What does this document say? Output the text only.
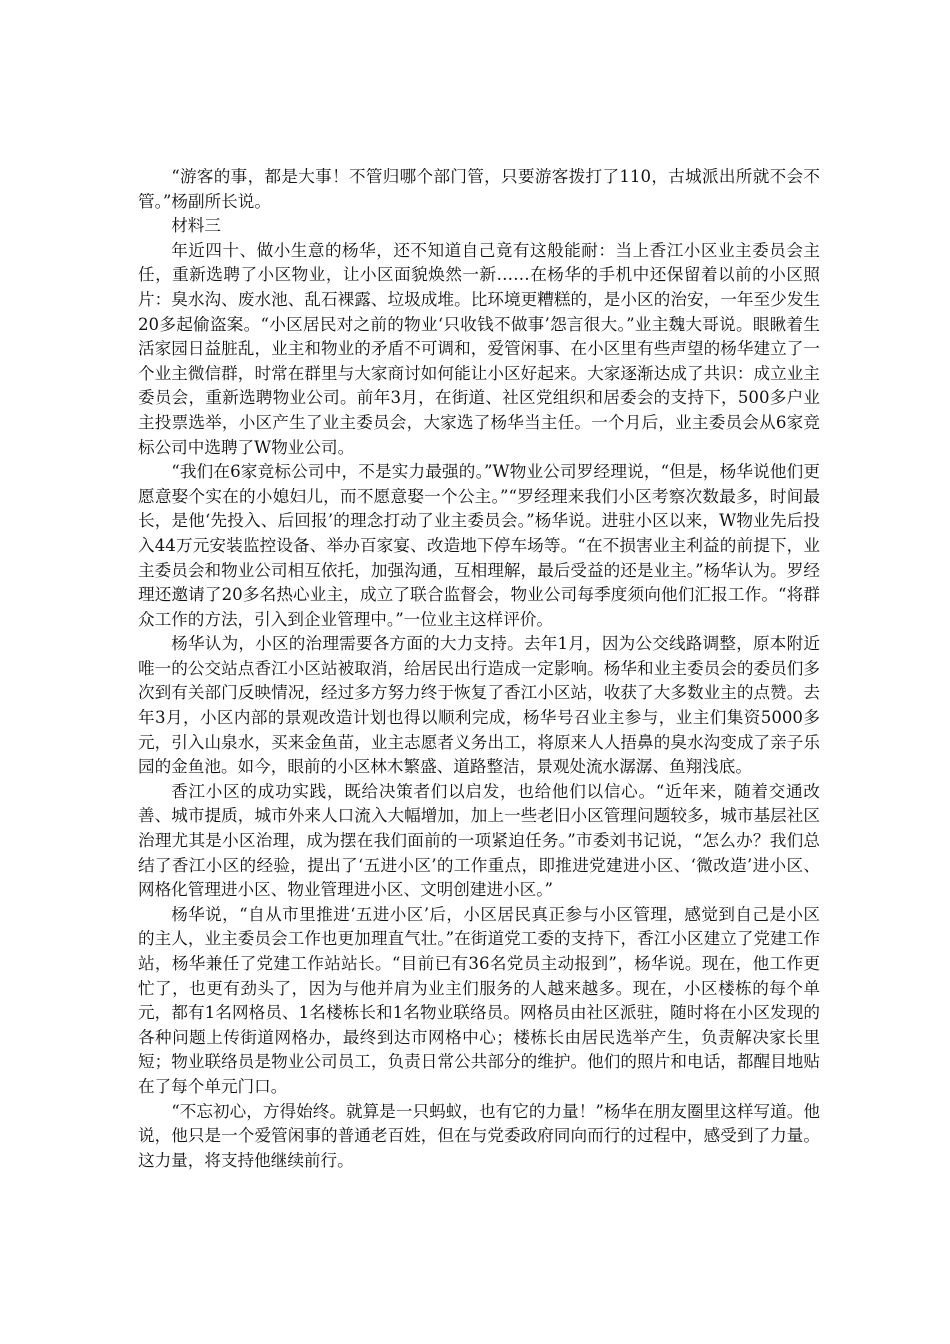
“游客的事，都是大事！不管归哪个部门管，只要游客拨打了110，古城派出所就不会不管。”杨副所长说。

材料三

年近四十、做小生意的杨华，还不知道自己竟有这般能耐：当上香江小区业主委员会主任，重新选聘了小区物业，让小区面貌焕然一新……在杨华的手机中还保留着以前的小区照片：臭水沟、废水池、乱石裸露、垃圾成堆。比环境更糟糕的，是小区的治安，一年至少发生20多起偷盗案。“小区居民对之前的物业‘只收钱不做事’怨言很大。”业主魏大哥说。眼瞅着生活家园日益脏乱，业主和物业的矛盾不可调和，爱管闲事、在小区里有些声望的杨华建立了一个业主微信群，时常在群里与大家商讨如何能让小区好起来。大家逐渐达成了共识：成立业主委员会，重新选聘物业公司。前年3月，在街道、社区党组织和居委会的支持下，500多户业主投票选举，小区产生了业主委员会，大家选了杨华当主任。一个月后，业主委员会从6家竞标公司中选聘了W物业公司。

“我们在6家竞标公司中，不是实力最强的。”W物业公司罗经理说，“但是，杨华说他们更愿意娶个实在的小媳妇儿，而不愿意娶一个公主。”“罗经理来我们小区考察次数最多，时间最长，是他‘先投入、后回报’的理念打动了业主委员会。”杨华说。进驻小区以来，W物业先后投入44万元安装监控设备、举办百家宴、改造地下停车场等。“在不损害业主利益的前提下，业主委员会和物业公司相互依托，加强沟通，互相理解，最后受益的还是业主。”杨华认为。罗经理还邀请了20多名热心业主，成立了联合监督会，物业公司每季度须向他们汇报工作。“将群众工作的方法，引入到企业管理中。”一位业主这样评价。

杨华认为，小区的治理需要各方面的大力支持。去年1月，因为公交线路调整，原本附近唯一的公交站点香江小区站被取消，给居民出行造成一定影响。杨华和业主委员会的委员们多次到有关部门反映情况，经过多方努力终于恢复了香江小区站，收获了大多数业主的点赞。去年3月，小区内部的景观改造计划也得以顺利完成，杨华号召业主参与，业主们集资5000多元，引入山泉水，买来金鱼苗，业主志愿者义务出工，将原来人人捂鼻的臭水沟变成了亲子乐园的金鱼池。如今，眼前的小区林木繁盛、道路整洁，景观处流水潺潺、鱼翔浅底。

香江小区的成功实践，既给决策者们以启发，也给他们以信心。“近年来，随着交通改善、城市提质，城市外来人口流入大幅增加，加上一些老旧小区管理问题较多，城市基层社区治理尤其是小区治理，成为摆在我们面前的一项紧迫任务。”市委刘书记说，“怎么办？我们总结了香江小区的经验，提出了‘五进小区’的工作重点，即推进党建进小区、‘微改造’进小区、网格化管理进小区、物业管理进小区、文明创建进小区。”

杨华说，“自从市里推进‘五进小区’后，小区居民真正参与小区管理，感觉到自己是小区的主人，业主委员会工作也更加理直气壮。”在街道党工委的支持下，香江小区建立了党建工作站，杨华兼任了党建工作站站长。“目前已有36名党员主动报到”，杨华说。现在，他工作更忙了，也更有劲头了，因为与他并肩为业主们服务的人越来越多。现在，小区楼栋的每个单元，都有1名网格员、1名楼栋长和1名物业联络员。网格员由社区派驻，随时将在小区发现的各种问题上传街道网格办，最终到达市网格中心；楼栋长由居民选举产生，负责解决家长里短；物业联络员是物业公司员工，负责日常公共部分的维护。他们的照片和电话，都醒目地贴在了每个单元门口。

“不忘初心，方得始终。就算是一只蚂蚁，也有它的力量！”杨华在朋友圈里这样写道。他说，他只是一个爱管闲事的普通老百姓，但在与党委政府同向而行的过程中，感受到了力量。这力量，将支持他继续前行。
